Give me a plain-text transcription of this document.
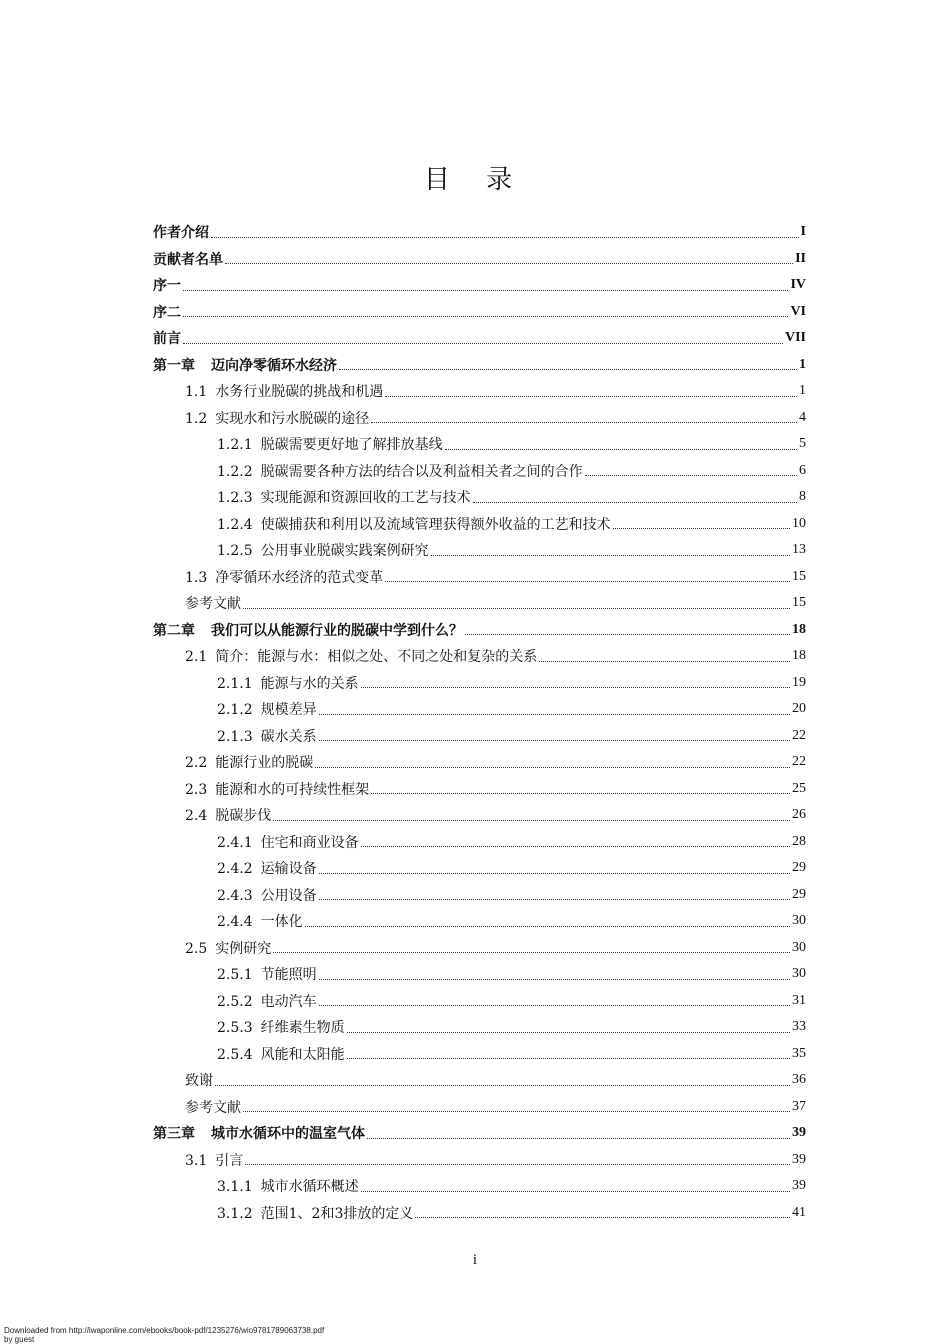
目 录
作者介绍	I
贡献者名单	II
序一	IV
序二	VI
前言	VII
第一章 迈向净零循环水经济	1
1.1 水务行业脱碳的挑战和机遇	1
1.2 实现水和污水脱碳的途径	4
1.2.1 脱碳需要更好地了解排放基线	5
1.2.2 脱碳需要各种方法的结合以及利益相关者之间的合作	6
1.2.3 实现能源和资源回收的工艺与技术	8
1.2.4 使碳捕获和利用以及流域管理获得额外收益的工艺和技术	10
1.2.5 公用事业脱碳实践案例研究	13
1.3 净零循环水经济的范式变革	15
参考文献	15
第二章 我们可以从能源行业的脱碳中学到什么？	18
2.1 简介：能源与水：相似之处、不同之处和复杂的关系	18
2.1.1 能源与水的关系	19
2.1.2 规模差异	20
2.1.3 碳水关系	22
2.2 能源行业的脱碳	22
2.3 能源和水的可持续性框架	25
2.4 脱碳步伐	26
2.4.1 住宅和商业设备	28
2.4.2 运输设备	29
2.4.3 公用设备	29
2.4.4 一体化	30
2.5 实例研究	30
2.5.1 节能照明	30
2.5.2 电动汽车	31
2.5.3 纤维素生物质	33
2.5.4 风能和太阳能	35
致谢	36
参考文献	37
第三章 城市水循环中的温室气体	39
3.1 引言	39
3.1.1 城市水循环概述	39
3.1.2 范围1、2和3排放的定义	41
i
Downloaded from http://iwaponline.com/ebooks/book-pdf/1235276/wio9781789063738.pdf
by guest
